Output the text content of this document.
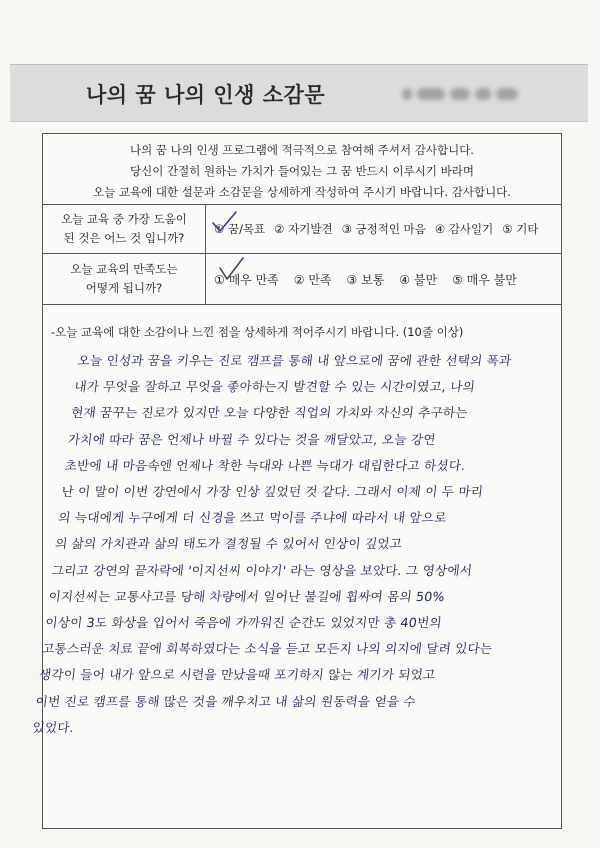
나의 꿈 나의 인생 소감문
나의 꿈 나의 인생 프로그램에 적극적으로 참여해 주셔서 감사합니다.
당신이 간절히 원하는 가치가 들어있는 그 꿈 반드시 이루시기 바라며
오늘 교육에 대한 설문과 소감문을 상세하게 작성하여 주시기 바랍니다. 감사합니다.
오늘 교육 중 가장 도움이
된 것은 어느 것 입니까?
① 꿈/목표 ② 자기발견 ③ 긍정적인 마음 ④ 감사일기 ⑤ 기타
오늘 교육의 만족도는
어떻게 됩니까?
① 매우 만족 ② 만족 ③ 보통 ④ 불만 ⑤ 매우 불만
-오늘 교육에 대한 소감이나 느낀 점을 상세하게 적어주시기 바랍니다. (10줄 이상)
오늘 인성과 꿈을 키우는 진로 캠프를 통해 내 앞으로에 꿈에 관한 선택의 폭과
내가 무엇을 잘하고 무엇을 좋아하는지 발견할 수 있는 시간이였고, 나의
현재 꿈꾸는 진로가 있지만 오늘 다양한 직업의 가치와 자신의 추구하는
가치에 따라 꿈은 언제나 바뀔 수 있다는 것을 깨달았고, 오늘 강연
초반에 내 마음속엔 언제나 착한 늑대와 나쁜 늑대가 대립한다고 하셨다.
난 이 말이 이번 강연에서 가장 인상 깊었던 것 같다. 그래서 이제 이 두 마리
의 늑대에게 누구에게 더 신경을 쓰고 먹이를 주냐에 따라서 내 앞으로
의 삶의 가치관과 삶의 태도가 결정될 수 있어서 인상이 깊었고
그리고 강연의 끝자락에 '이지선씨 이야기' 라는 영상을 보았다. 그 영상에서
이지선씨는 교통사고를 당해 차량에서 일어난 불길에 휩싸여 몸의 50%
이상이 3도 화상을 입어서 죽음에 가까워진 순간도 있었지만 총 40번의
고통스러운 치료 끝에 회복하였다는 소식을 듣고 모든지 나의 의지에 달려 있다는
생각이 들어 내가 앞으로 시련을 만났을때 포기하지 않는 계기가 되었고
이번 진로 캠프를 통해 많은 것을 깨우치고 내 삶의 원동력을 얻을 수
있었다.
